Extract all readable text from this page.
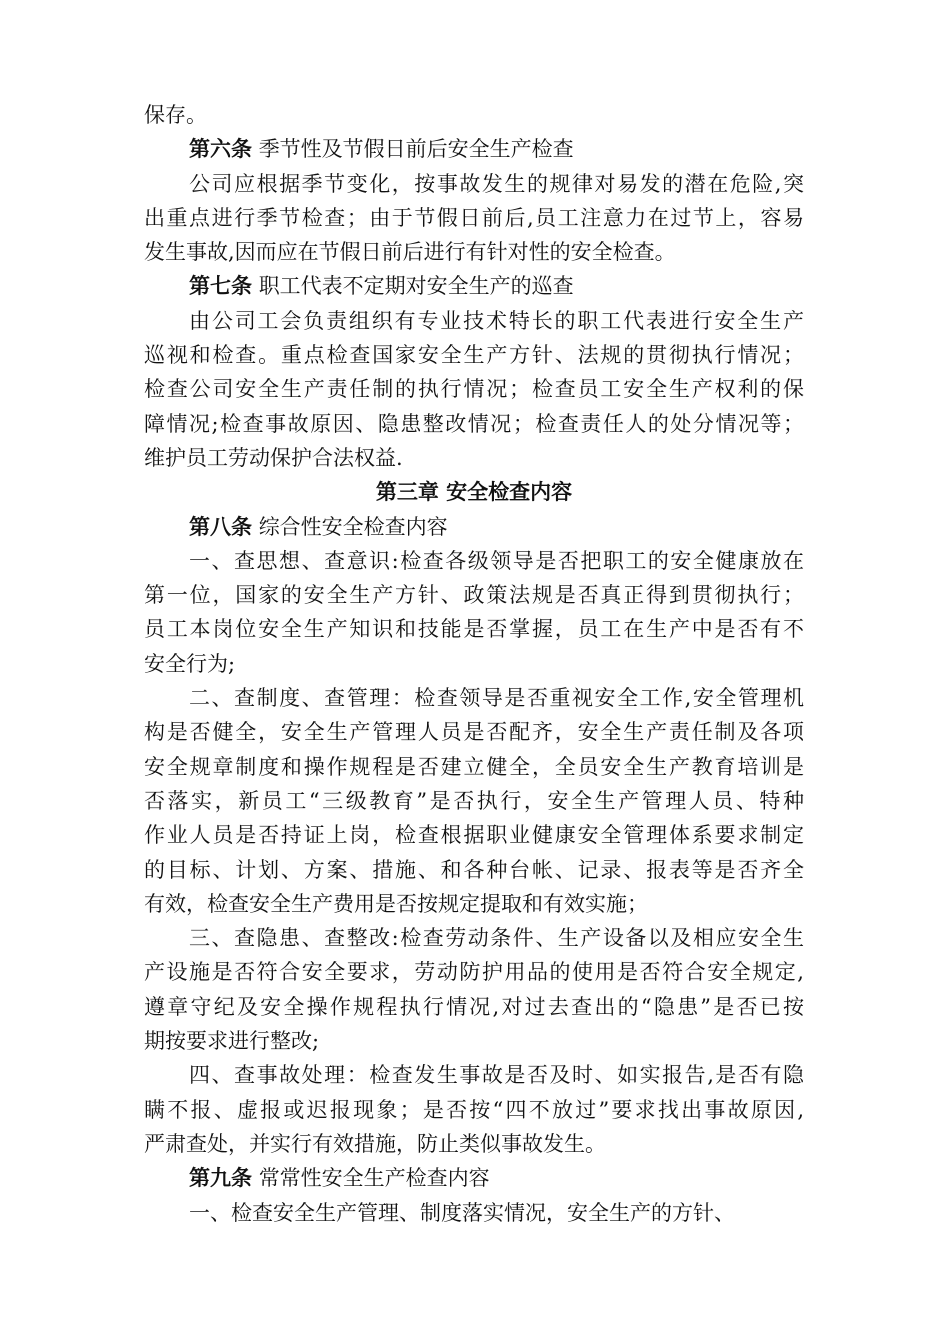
保存。
第六条 季节性及节假日前后安全生产检查
公司应根据季节变化，按事故发生的规律对易发的潜在危险,突
出重点进行季节检查；由于节假日前后,员工注意力在过节上，容易
发生事故,因而应在节假日前后进行有针对性的安全检查。
第七条 职工代表不定期对安全生产的巡查
由公司工会负责组织有专业技术特长的职工代表进行安全生产
巡视和检查。重点检查国家安全生产方针、法规的贯彻执行情况；
检查公司安全生产责任制的执行情况；检查员工安全生产权利的保
障情况;检查事故原因、隐患整改情况；检查责任人的处分情况等；
维护员工劳动保护合法权益.
第三章 安全检查内容
第八条 综合性安全检查内容
一、查思想、查意识:检查各级领导是否把职工的安全健康放在
第一位，国家的安全生产方针、政策法规是否真正得到贯彻执行；
员工本岗位安全生产知识和技能是否掌握，员工在生产中是否有不
安全行为;
二、查制度、查管理：检查领导是否重视安全工作,安全管理机
构是否健全，安全生产管理人员是否配齐，安全生产责任制及各项
安全规章制度和操作规程是否建立健全，全员安全生产教育培训是
否落实，新员工“三级教育”是否执行，安全生产管理人员、特种
作业人员是否持证上岗，检查根据职业健康安全管理体系要求制定
的目标、计划、方案、措施、和各种台帐、记录、报表等是否齐全
有效，检查安全生产费用是否按规定提取和有效实施；
三、查隐患、查整改:检查劳动条件、生产设备以及相应安全生
产设施是否符合安全要求，劳动防护用品的使用是否符合安全规定,
遵章守纪及安全操作规程执行情况,对过去查出的“隐患”是否已按
期按要求进行整改;
四、查事故处理：检查发生事故是否及时、如实报告,是否有隐
瞒不报、虚报或迟报现象；是否按“四不放过”要求找出事故原因,
严肃查处，并实行有效措施，防止类似事故发生。
第九条 常常性安全生产检查内容
一、检查安全生产管理、制度落实情况，安全生产的方针、
